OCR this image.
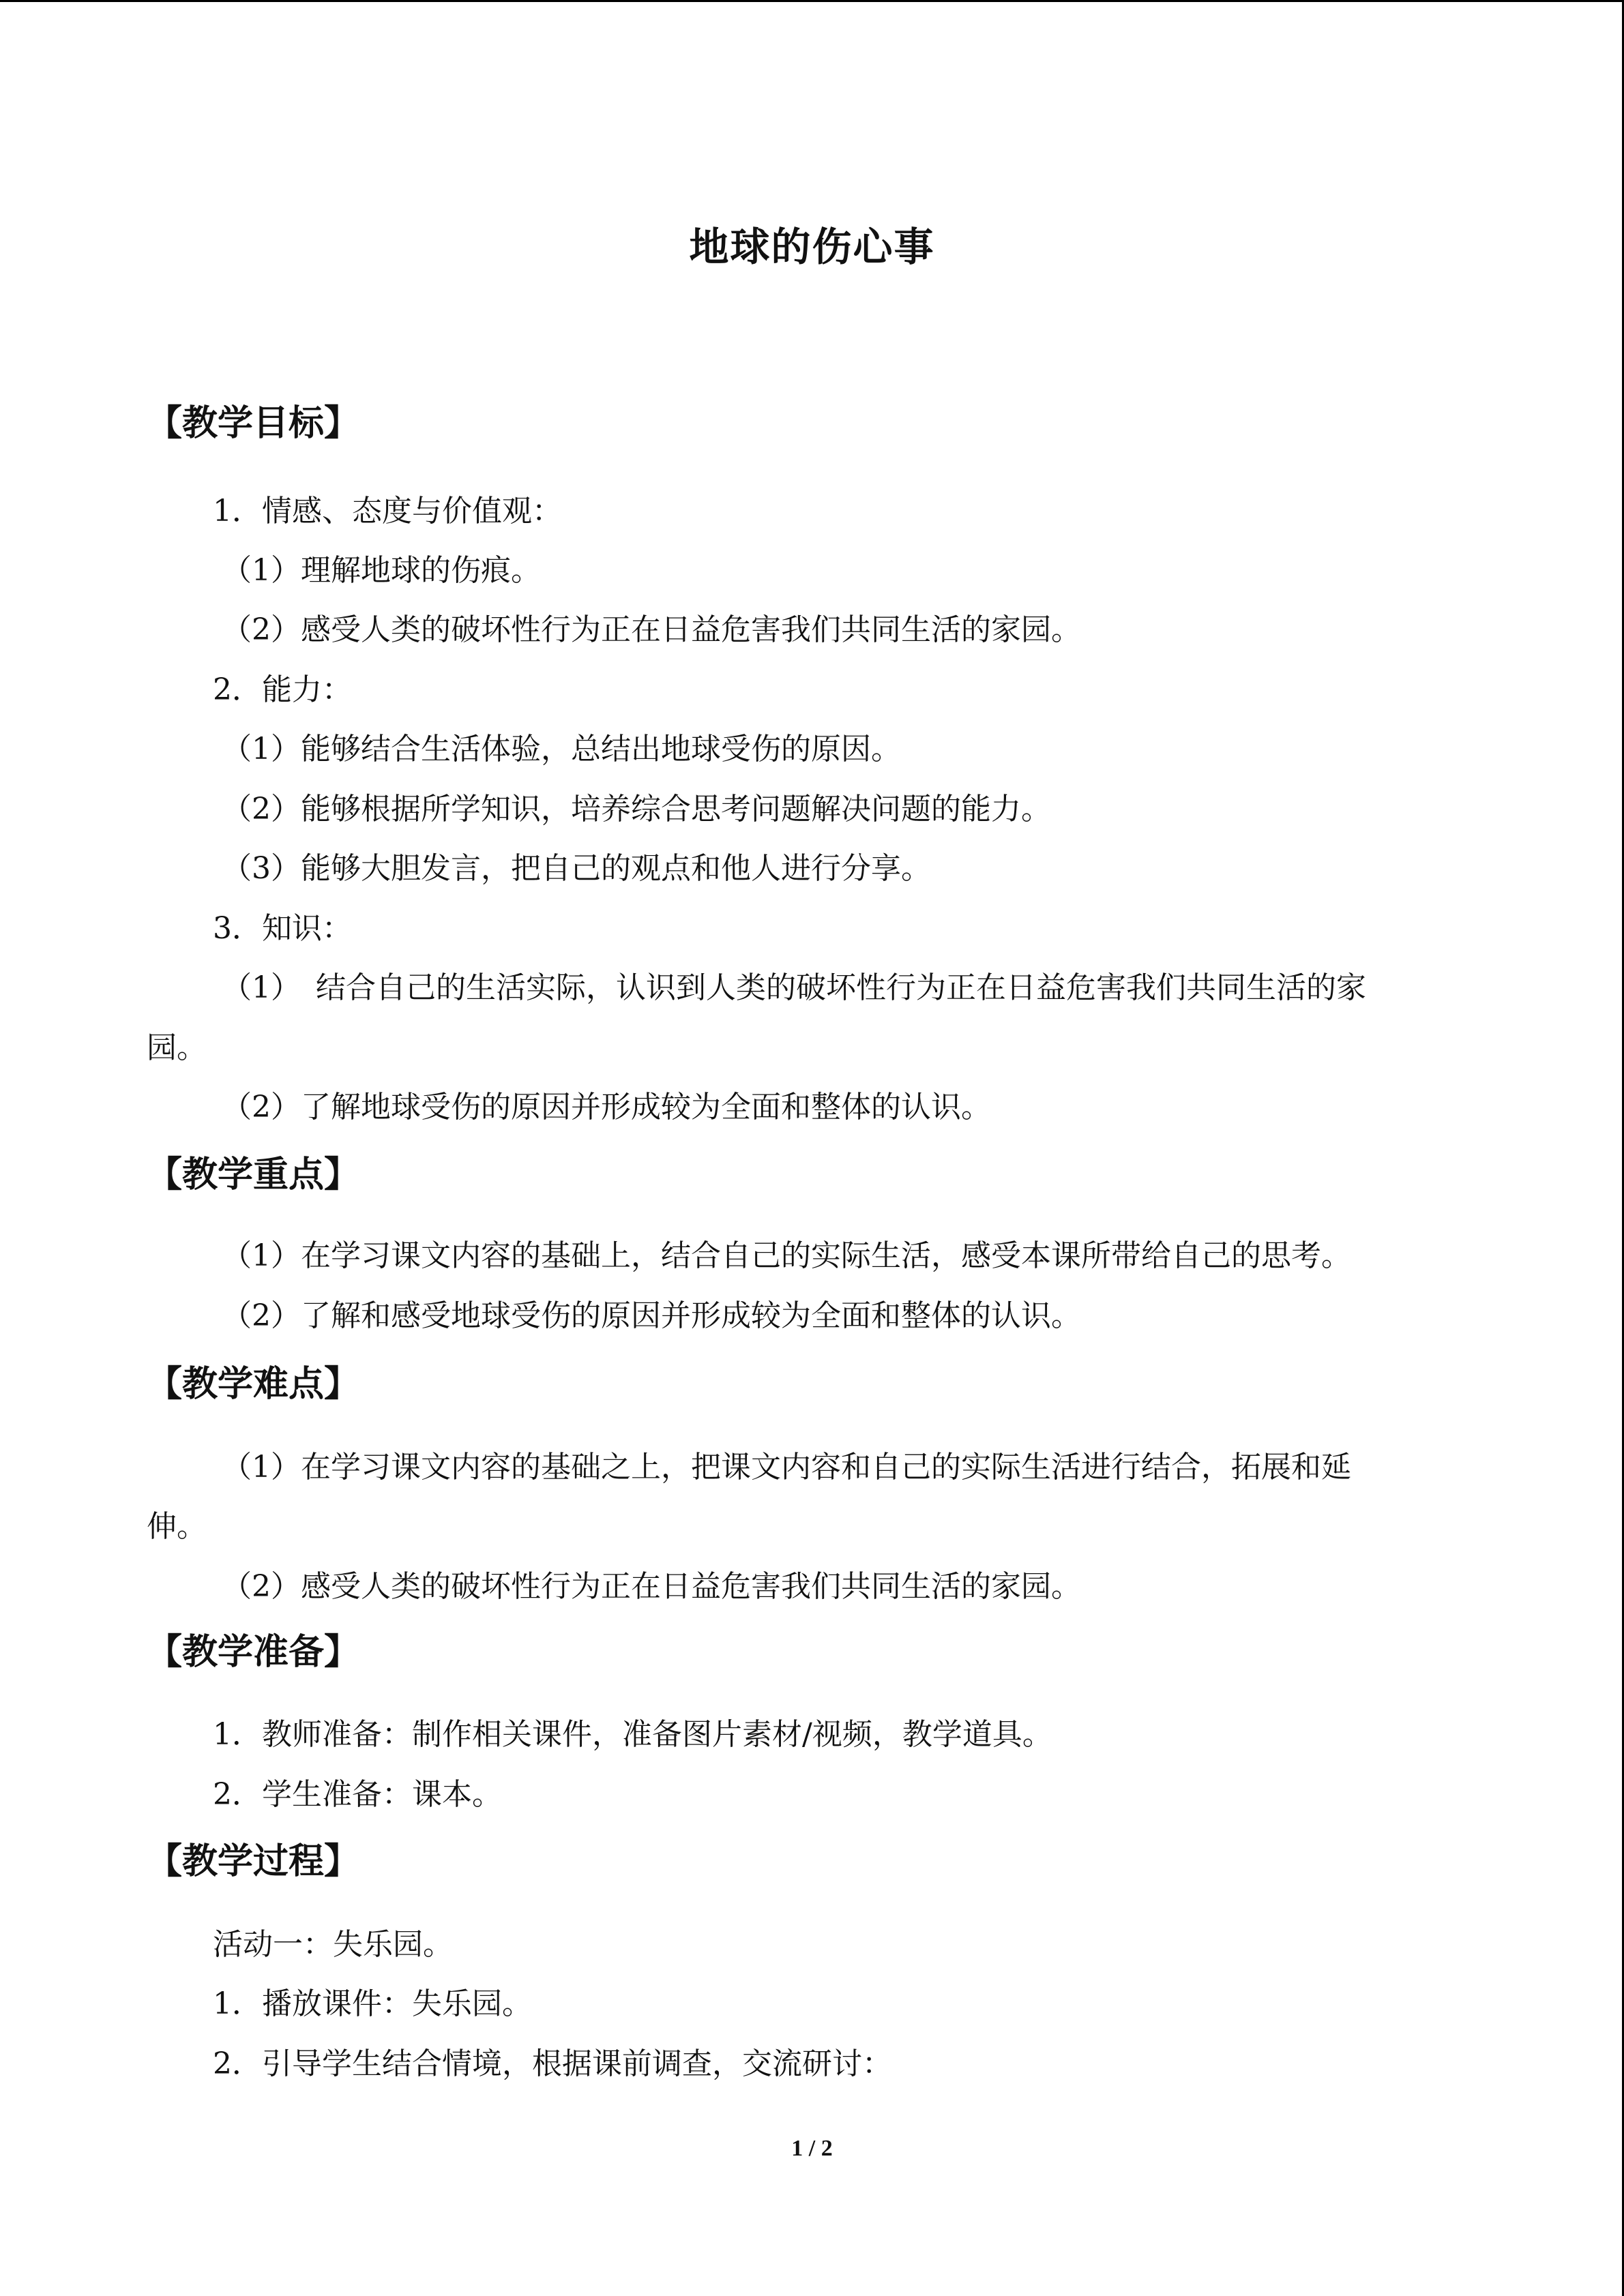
地球的伤心事
【教学目标】

1．情感、态度与价值观：

（1）理解地球的伤痕。

（2）感受人类的破坏性行为正在日益危害我们共同生活的家园。

2．能力：

（1）能够结合生活体验，总结出地球受伤的原因。

（2）能够根据所学知识，培养综合思考问题解决问题的能力。

（3）能够大胆发言，把自己的观点和他人进行分享。

3．知识：

（1）　结合自己的生活实际，认识到人类的破坏性行为正在日益危害我们共同生活的家

园。

（2）了解地球受伤的原因并形成较为全面和整体的认识。

【教学重点】

（1）在学习课文内容的基础上，结合自己的实际生活，感受本课所带给自己的思考。

（2）了解和感受地球受伤的原因并形成较为全面和整体的认识。

【教学难点】

（1）在学习课文内容的基础之上，把课文内容和自己的实际生活进行结合，拓展和延

伸。

（2）感受人类的破坏性行为正在日益危害我们共同生活的家园。

【教学准备】

1．教师准备：制作相关课件，准备图片素材/视频，教学道具。

2．学生准备：课本。

【教学过程】

活动一：失乐园。

1．播放课件：失乐园。

2．引导学生结合情境，根据课前调查，交流研讨：

1 / 2
